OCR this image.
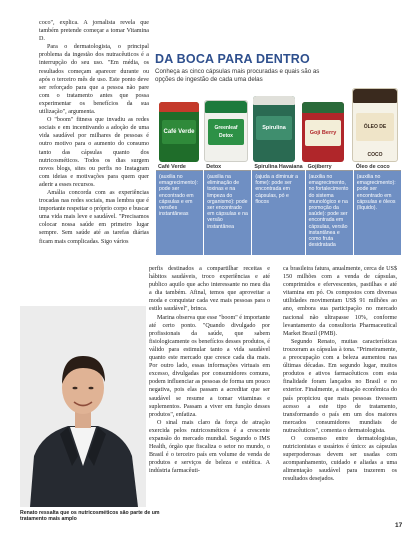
coco", explica. A jornalista revela que também pretende começar a tomar Vitamina D.

Para o dermatologista, o principal problema da ingestão dos nutracêuticos é a interrupção do seu uso. "Em média, os resultados começam aparecer durante ou após o terceiro mês de uso. Este ponto deve ser reforçado para que a pessoa não pare com o tratamento antes que possa experimentar os benefícios da sua utilização", argumenta.

O "boom" fitness que invadiu as redes sociais e em incentivando a adoção de uma vida saudável por milhares de pessoas é outro motivo para o aumento do consumo tanto das cápsulas quanto dos nutricosméticos. Todos os dias surgem novos blogs, sites ou perfis no Instagram com ideias e motivações para quem quer aderir a esses recursos.

Amália concorda com as experiências trocadas nas redes sociais, mas lembra que é importante respeitar o próprio corpo e buscar uma vida mais leve e saudável. "Precisamos colocar nossa saúde em primeiro lugar sempre. Sem saúde até as tarefas diárias ficam mais complicadas. Sigo vários

DA BOCA PARA DENTRO
Conheça as cinco cápsulas mais procuradas e quais são as opções de ingestão de cada uma delas
Café Verde
Greenleaf Detox
Spirulina
Goji Berry
ÓLEO DE COCO
Café Verde
(auxilia no emagrecimento): pode ser encontrado em cápsulas e em versões instantâneas
Detox
(auxilia na eliminação de toxinas e na limpeza do organismo): pode ser encontrado em cápsulas e na versão instantânea
Spirulina Havaiana
(ajuda a diminuir a fome): pode ser encontrada em cápsulas, pó e flocos
Gojiberry
(auxilia no emagrecimento, no fortalecimento do sistema imunológico e na promoção da saúde): pode ser encontrada em cápsulas, versão instantânea e como fruta desidratada
Óleo de coco
(auxilia no emagrecimento): pode ser encontrado em cápsulas e óleos (líquido).
Renato ressalta que os nutricosméticos são parte de um tratamento mais amplo

perfis destinados a compartilhar receitas e hábitos saudáveis, troco experiências e até publico aquilo que acho interessante no meu dia a dia também. Afinal, temos que aproveitar a moda e conquistar cada vez mais pessoas para o estilo saudável", brinca.

Marina observa que esse "boom" é importante até certo ponto. "Quando divulgado por profissionais da saúde, que sabem fisiologicamente os benefícios desses produtos, é válido para estimular tanto a vida saudável quanto este mercado que cresce cada dia mais. Por outro lado, essas informações virtuais em excesso, divulgadas por consumidores comuns, podem influenciar as pessoas de forma um pouco negativa, pois elas passam a acreditar que ser saudável se resume a tomar vitaminas e suplementos. Passam a viver em função desses produtos", enfatiza.

O sinal mais claro da força de atração exercida pelos nutricosméticos é a crescente expansão do mercado mundial. Segundo o IMS Health, órgão que fiscaliza o setor no mundo, o Brasil é o terceiro país em volume de venda de produtos e serviços de beleza e estética. A indústria farmacêuti-

ca brasileira fatura, anualmente, cerca de US$ 150 milhões com a venda de cápsulas, comprimidos e efervescentes, pastilhas e até vitamina em pó. Os compostos com diversas utilidades movimentam US$ 91 milhões ao ano, embora sua participação no mercado nacional não ultrapasse 10%, conforme levantamento da consultoria Pharmaceutical Market Brazil (PMB).

Segundo Renato, muitas características trouxeram as cápsulas à tona. "Primeiramente, a preocupação com a beleza aumentou nas últimas décadas. Em segundo lugar, muitos produtos e ativos farmacêuticos com esta finalidade foram lançados no Brasil e no exterior. Finalmente, a situação econômica do país propiciou que mais pessoas tivessem acesso a este tipo de tratamento, transformando o país em um dos maiores mercados consumidores mundiais de nutracêuticos", comenta o dermatologista.

O consenso entre dermatologistas, nutricionistas e usuários é único: as cápsulas superpoderosas devem ser usadas com acompanhamento, cuidado e aliadas a uma alimentação saudável para trazerem os resultados desejados.

17
